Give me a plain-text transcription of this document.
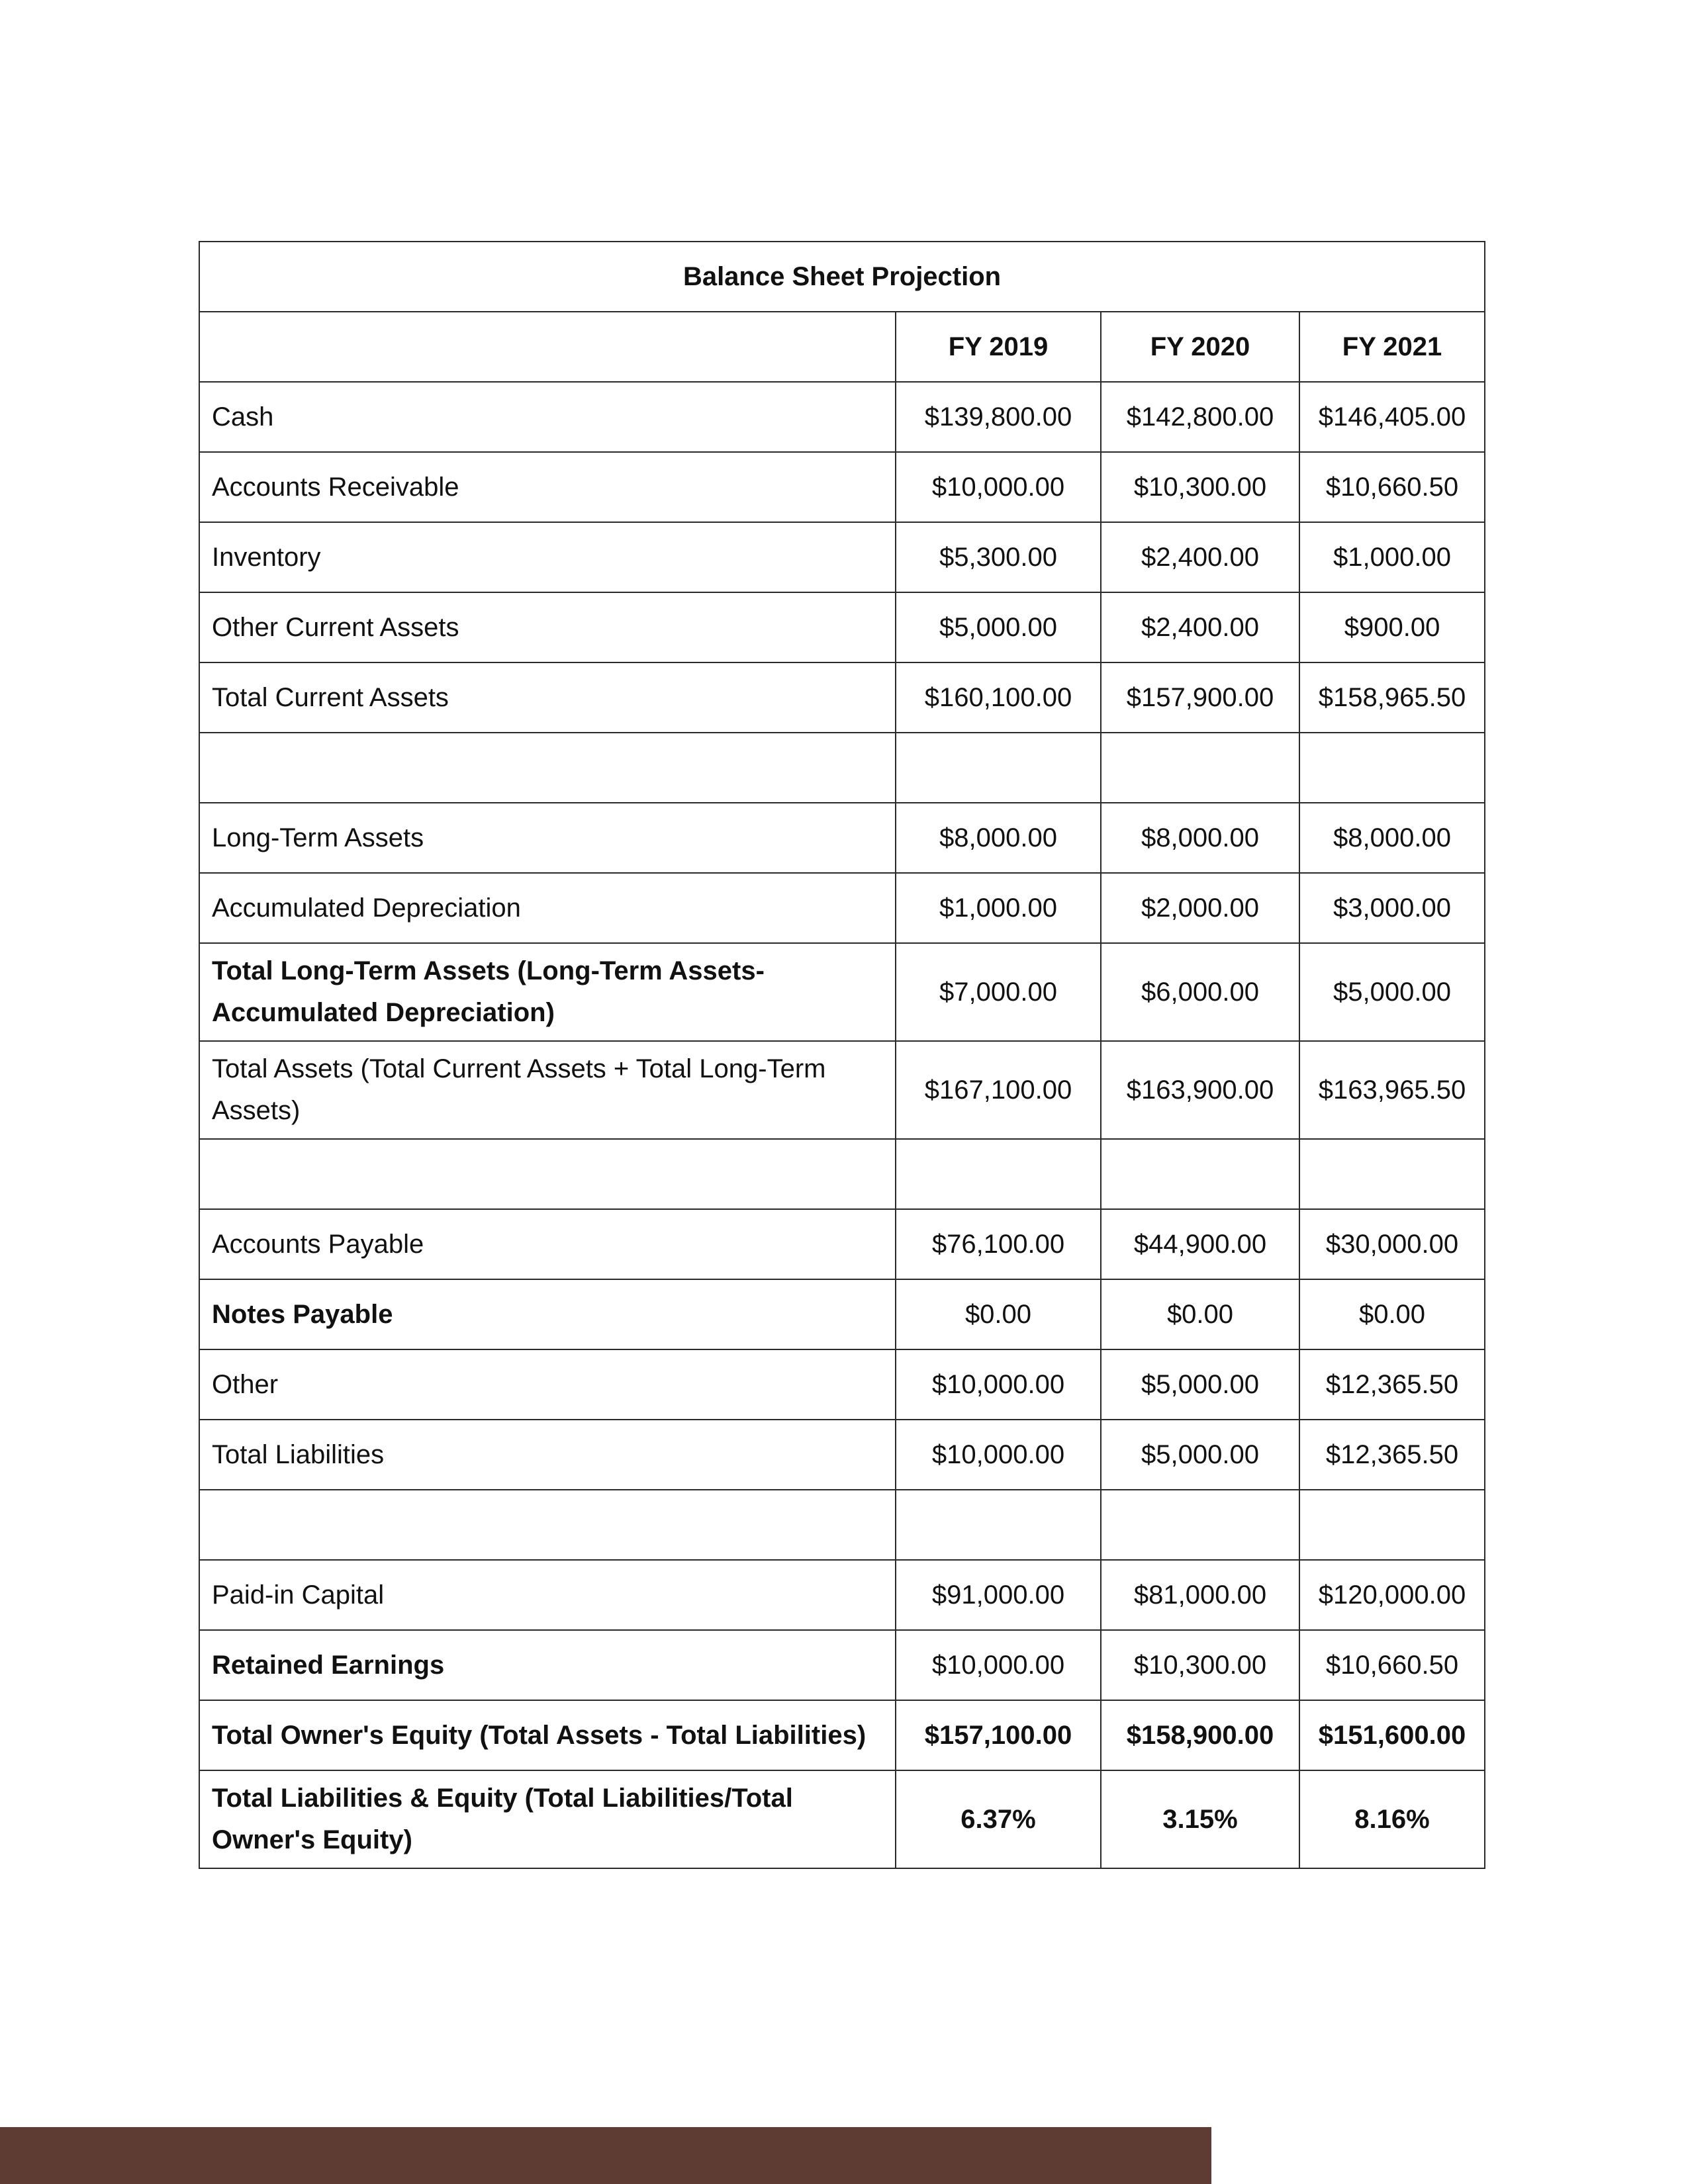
Balance Sheet Projection			
	FY 2019	FY 2020	FY 2021
Cash	$139,800.00	$142,800.00	$146,405.00
Accounts Receivable	$10,000.00	$10,300.00	$10,660.50
Inventory	$5,300.00	$2,400.00	$1,000.00
Other Current Assets	$5,000.00	$2,400.00	$900.00
Total Current Assets	$160,100.00	$157,900.00	$158,965.50

Long-Term Assets	$8,000.00	$8,000.00	$8,000.00
Accumulated Depreciation	$1,000.00	$2,000.00	$3,000.00
Total Long-Term Assets (Long-Term Assets-Accumulated Depreciation)	$7,000.00	$6,000.00	$5,000.00
Total Assets (Total Current Assets + Total Long-Term Assets)	$167,100.00	$163,900.00	$163,965.50

Accounts Payable	$76,100.00	$44,900.00	$30,000.00
Notes Payable	$0.00	$0.00	$0.00
Other	$10,000.00	$5,000.00	$12,365.50
Total Liabilities	$10,000.00	$5,000.00	$12,365.50

Paid-in Capital	$91,000.00	$81,000.00	$120,000.00
Retained Earnings	$10,000.00	$10,300.00	$10,660.50
Total Owner's Equity (Total Assets - Total Liabilities)	$157,100.00	$158,900.00	$151,600.00
Total Liabilities & Equity (Total Liabilities/Total Owner's Equity)	6.37%	3.15%	8.16%
